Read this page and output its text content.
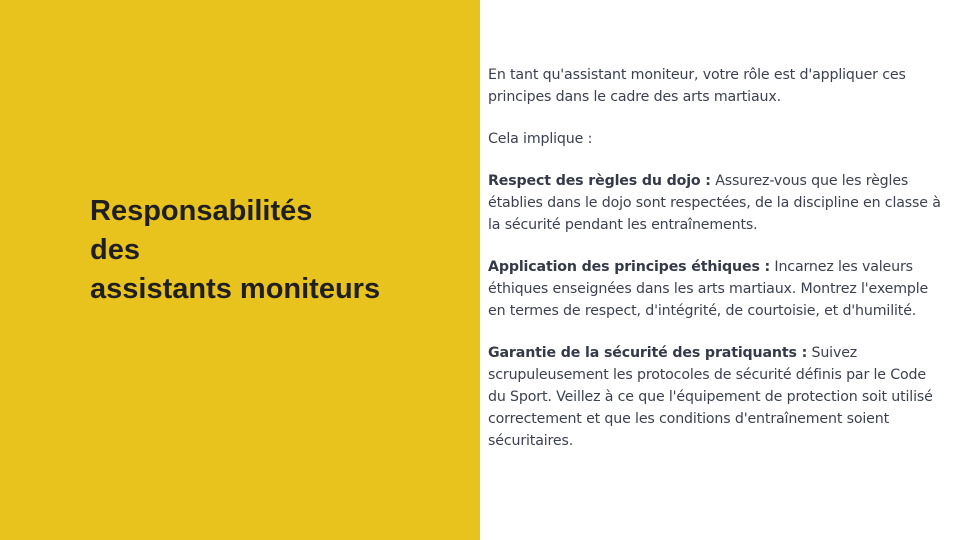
Responsabilités
des
assistants moniteurs

En tant qu'assistant moniteur, votre rôle est d'appliquer ces principes dans le cadre des arts martiaux.

Cela implique :

Respect des règles du dojo : Assurez-vous que les règles établies dans le dojo sont respectées, de la discipline en classe à la sécurité pendant les entraînements.

Application des principes éthiques : Incarnez les valeurs éthiques enseignées dans les arts martiaux. Montrez l'exemple en termes de respect, d'intégrité, de courtoisie, et d'humilité.

Garantie de la sécurité des pratiquants : Suivez scrupuleusement les protocoles de sécurité définis par le Code du Sport. Veillez à ce que l'équipement de protection soit utilisé correctement et que les conditions d'entraînement soient sécuritaires.
